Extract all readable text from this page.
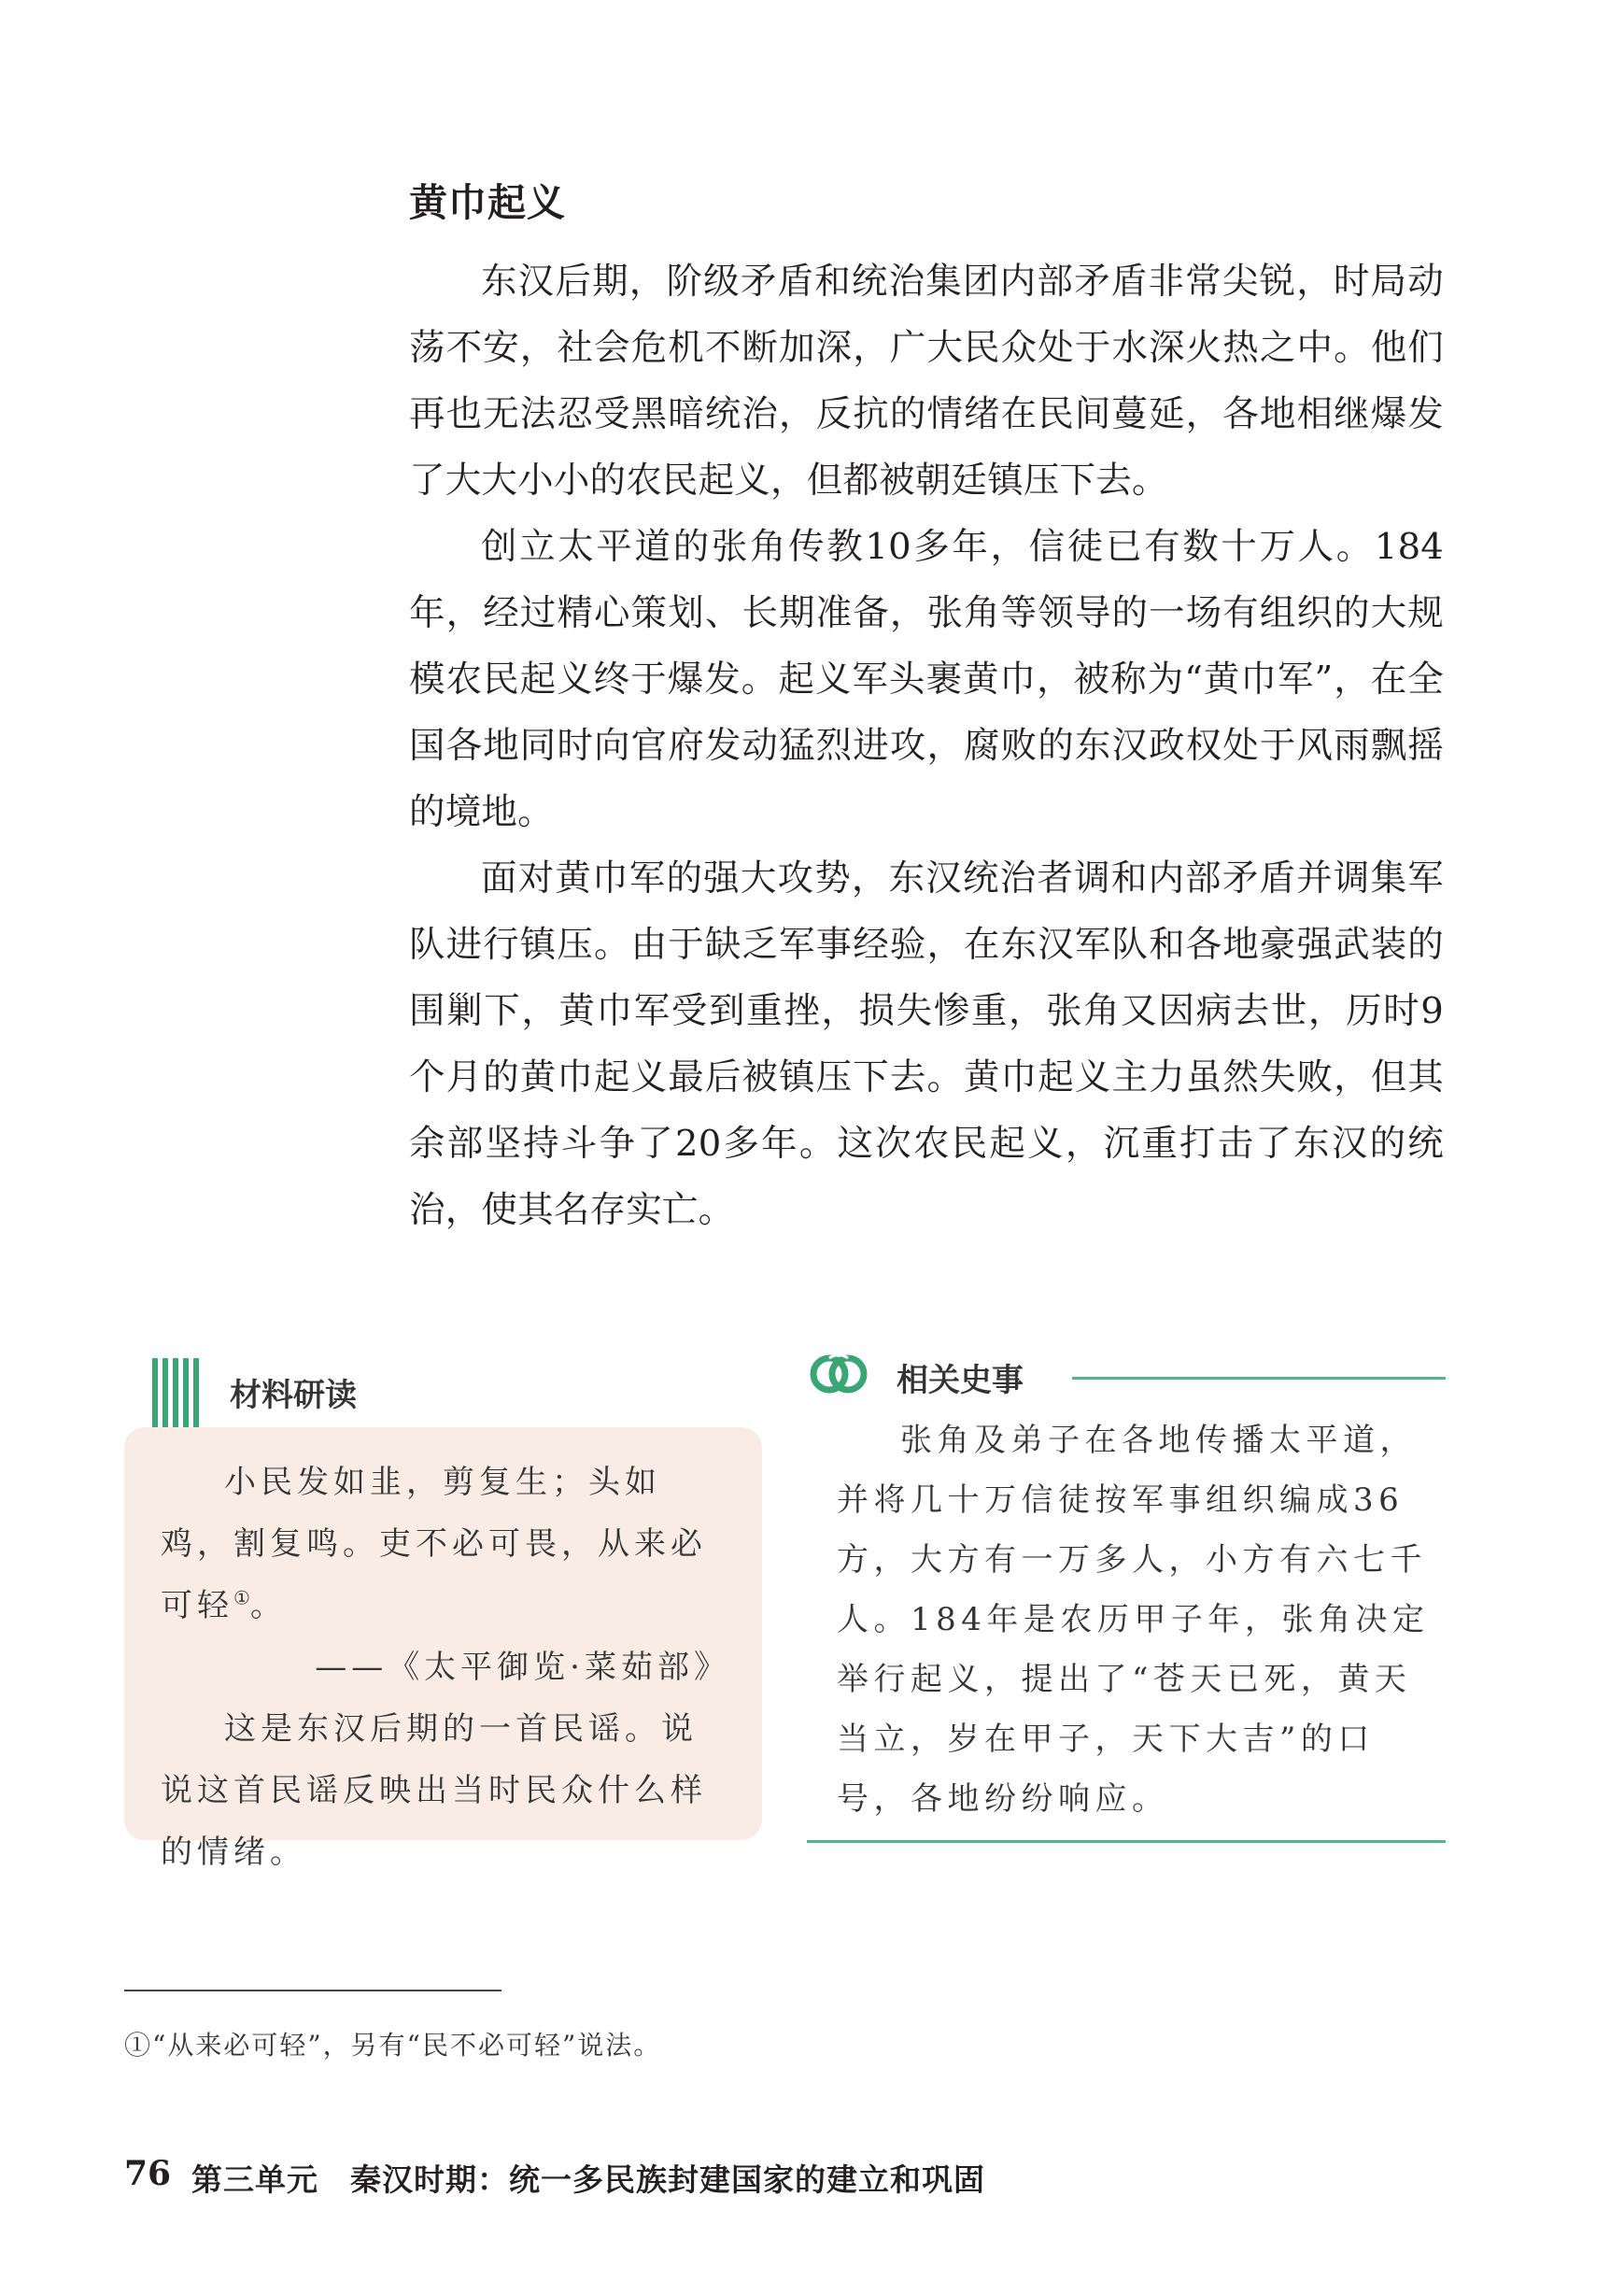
黄巾起义

东汉后期，阶级矛盾和统治集团内部矛盾非常尖锐，时局动荡不安，社会危机不断加深，广大民众处于水深火热之中。他们再也无法忍受黑暗统治，反抗的情绪在民间蔓延，各地相继爆发了大大小小的农民起义，但都被朝廷镇压下去。

创立太平道的张角传教10多年，信徒已有数十万人。184年，经过精心策划、长期准备，张角等领导的一场有组织的大规模农民起义终于爆发。起义军头裹黄巾，被称为“黄巾军”，在全国各地同时向官府发动猛烈进攻，腐败的东汉政权处于风雨飘摇的境地。

面对黄巾军的强大攻势，东汉统治者调和内部矛盾并调集军队进行镇压。由于缺乏军事经验，在东汉军队和各地豪强武装的围剿下，黄巾军受到重挫，损失惨重，张角又因病去世，历时9个月的黄巾起义最后被镇压下去。黄巾起义主力虽然失败，但其余部坚持斗争了20多年。这次农民起义，沉重打击了东汉的统治，使其名存实亡。

材料研读
小民发如韭，剪复生；头如鸡，割复鸣。吏不必可畏，从来必可轻①。
——《太平御览·菜茹部》
这是东汉后期的一首民谣。说说这首民谣反映出当时民众什么样的情绪。
相关史事

张角及弟子在各地传播太平道，并将几十万信徒按军事组织编成36方，大方有一万多人，小方有六七千人。184年是农历甲子年，张角决定举行起义，提出了“苍天已死，黄天当立，岁在甲子，天下大吉”的口号，各地纷纷响应。

①“从来必可轻”，另有“民不必可轻”说法。
76 第三单元　秦汉时期：统一多民族封建国家的建立和巩固
